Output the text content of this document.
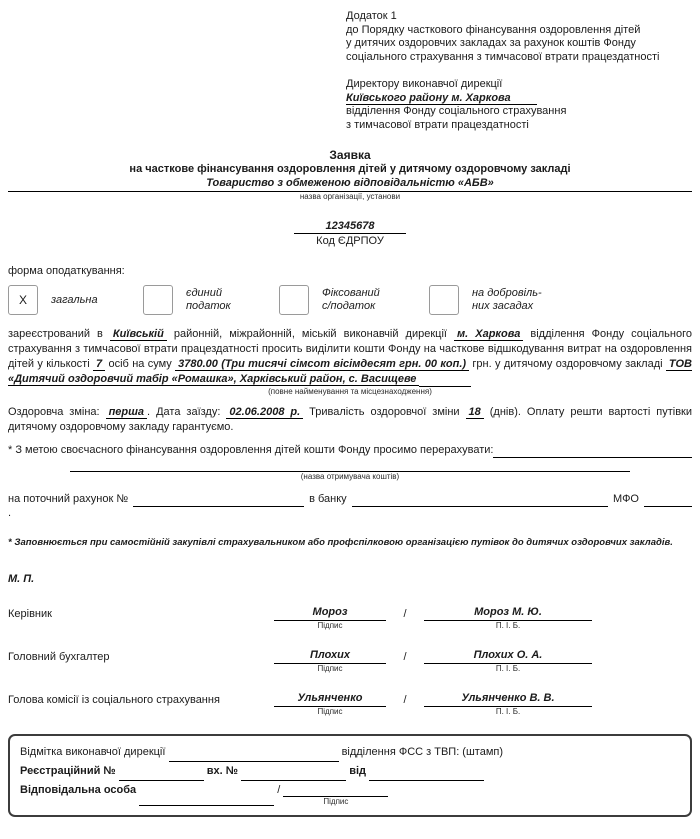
Додаток 1
до Порядку часткового фінансування оздоровлення дітей
у дитячих оздоровчих закладах за рахунок коштів Фонду
соціального страхування з тимчасової втрати працездатності
Директору виконавчої дирекції
Київського району м. Харкова
відділення Фонду соціального страхування
з тимчасової втрати працездатності
Заявка
на часткове фінансування оздоровлення дітей у дитячому оздоровчому закладі
Товариство з обмеженою відповідальністю «АБВ»
назва організації, установи
12345678
Код ЄДРПОУ
форма оподаткування:
X загальна
єдиний
податок
Фіксований
с/податок
на добровіль-
них засадах
зареєстрований в Київській районній, міжрайонній, міській виконавчій дирекції м. Харкова відділення Фонду соціального страхування з тимчасової втрати працездатності просить виділити кошти Фонду на часткове відшкодування витрат на оздоровлення дітей у кількості 7 осіб на суму 3780.00 (Три тисячі сімсот вісімдесят грн. 00 коп.) грн. у дитячому оздоровчому закладі ТОВ «Дитячий оздоровчий табір «Ромашка», Харківський район, с. Васищеве
(повне найменування та місцезнаходження)
Оздоровча зміна: перша . Дата заїзду: 02.06.2008 р. Тривалість оздоровчої зміни 18 (днів). Оплату решти вартості путівки дитячому оздоровчому закладу гарантуємо.
* З метою своєчасного фінансування оздоровлення дітей кошти Фонду просимо перерахувати:
(назва отримувача коштів)
на поточний рахунок №	в банку	МФО
.
* Заповнюється при самостійній закупівлі страхувальником або профспілковою організацією путівок до дитячих оздоровчих закладів.
М. П.
Керівник	Мороз
Підпис
/	Мороз М. Ю.
П. І. Б.
Головний бухгалтер	Плохих
Підпис
/	Плохих О. А.
П. І. Б.
Голова комісії із соціального страхування	Ульянченко
Підпис
/	Ульянченко В. В.
П. І. Б.
Відмітка виконавчої дирекції	відділення ФСС з ТВП: (штамп)
Реєстраційний №	вх. №	від
Відповідальна особа	/
Підпис
